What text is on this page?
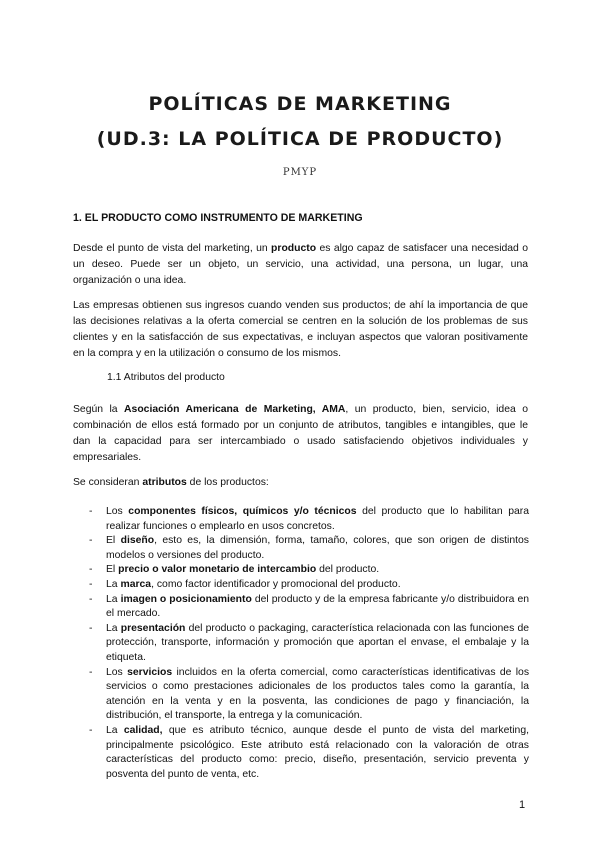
POLÍTICAS DE MARKETING
(UD.3: LA POLÍTICA DE PRODUCTO)
PMYP
1. EL PRODUCTO COMO INSTRUMENTO DE MARKETING
Desde el punto de vista del marketing, un producto es algo capaz de satisfacer una necesidad o un deseo. Puede ser un objeto, un servicio, una actividad, una persona, un lugar, una organización o una idea.
Las empresas obtienen sus ingresos cuando venden sus productos; de ahí la importancia de que las decisiones relativas a la oferta comercial se centren en la solución de los problemas de sus clientes y en la satisfacción de sus expectativas, e incluyan aspectos que valoran positivamente en la compra y en la utilización o consumo de los mismos.
1.1 Atributos del producto
Según la Asociación Americana de Marketing, AMA, un producto, bien, servicio, idea o combinación de ellos está formado por un conjunto de atributos, tangibles e intangibles, que le dan la capacidad para ser intercambiado o usado satisfaciendo objetivos individuales y empresariales.
Se consideran atributos de los productos:
- Los componentes físicos, químicos y/o técnicos del producto que lo habilitan para realizar funciones o emplearlo en usos concretos.
- El diseño, esto es, la dimensión, forma, tamaño, colores, que son origen de distintos modelos o versiones del producto.
- El precio o valor monetario de intercambio del producto.
- La marca, como factor identificador y promocional del producto.
- La imagen o posicionamiento del producto y de la empresa fabricante y/o distribuidora en el mercado.
- La presentación del producto o packaging, característica relacionada con las funciones de protección, transporte, información y promoción que aportan el envase, el embalaje y la etiqueta.
- Los servicios incluidos en la oferta comercial, como características identificativas de los servicios o como prestaciones adicionales de los productos tales como la garantía, la atención en la venta y en la posventa, las condiciones de pago y financiación, la distribución, el transporte, la entrega y la comunicación.
- La calidad, que es atributo técnico, aunque desde el punto de vista del marketing, principalmente psicológico. Este atributo está relacionado con la valoración de otras características del producto como: precio, diseño, presentación, servicio preventa y posventa del punto de venta, etc.
1
